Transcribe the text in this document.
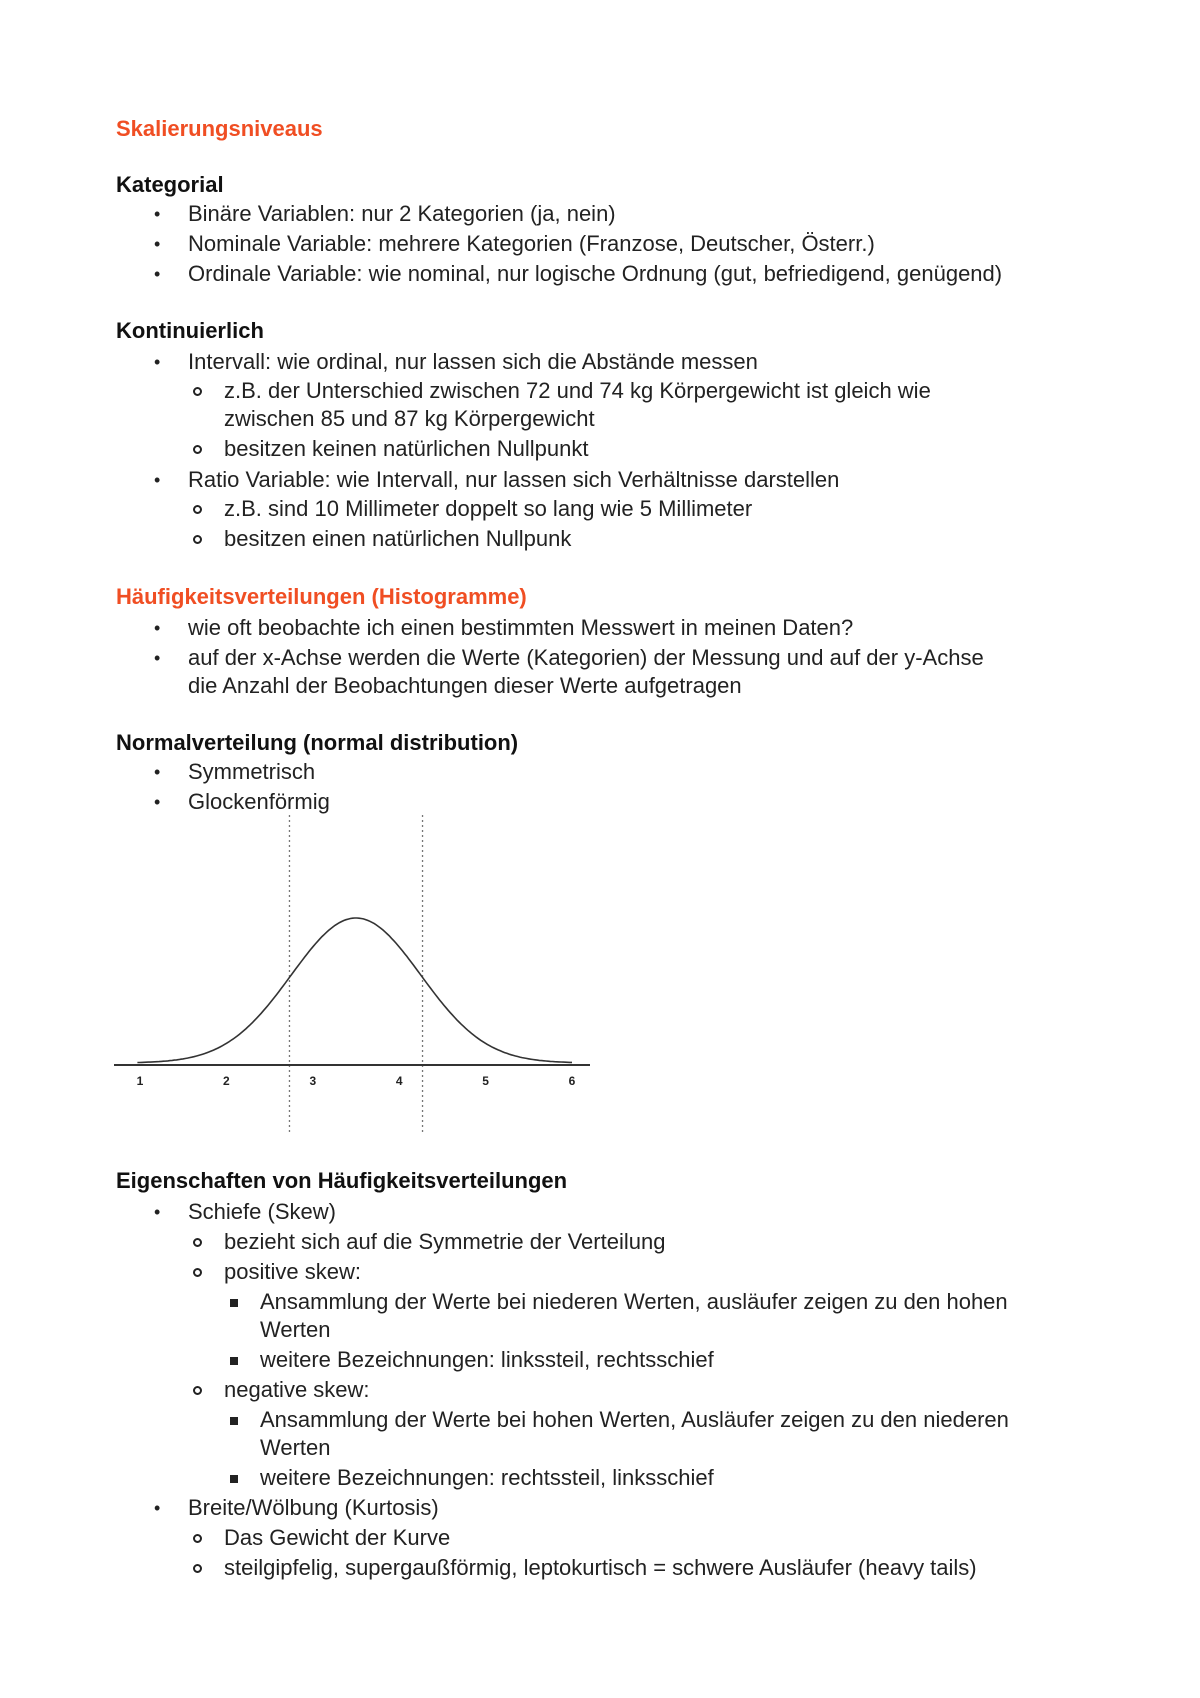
Skalierungsniveaus
Kategorial
• Binäre Variablen: nur 2 Kategorien (ja, nein)
• Nominale Variable: mehrere Kategorien (Franzose, Deutscher, Österr.)
• Ordinale Variable: wie nominal, nur logische Ordnung (gut, befriedigend, genügend)
Kontinuierlich
• Intervall: wie ordinal, nur lassen sich die Abstände messen
z.B. der Unterschied zwischen 72 und 74 kg Körpergewicht ist gleich wie
zwischen 85 und 87 kg Körpergewicht
besitzen keinen natürlichen Nullpunkt
• Ratio Variable: wie Intervall, nur lassen sich Verhältnisse darstellen
z.B. sind 10 Millimeter doppelt so lang wie 5 Millimeter
besitzen einen natürlichen Nullpunk
Häufigkeitsverteilungen (Histogramme)
• wie oft beobachte ich einen bestimmten Messwert in meinen Daten?
• auf der x-Achse werden die Werte (Kategorien) der Messung und auf der y-Achse
die Anzahl der Beobachtungen dieser Werte aufgetragen
Normalverteilung (normal distribution)
• Symmetrisch
• Glockenförmig
1	2	3	4	5	6
Eigenschaften von Häufigkeitsverteilungen
• Schiefe (Skew)
bezieht sich auf die Symmetrie der Verteilung
positive skew:
Ansammlung der Werte bei niederen Werten, ausläufer zeigen zu den hohen
Werten
weitere Bezeichnungen: linkssteil, rechtsschief
negative skew:
Ansammlung der Werte bei hohen Werten, Ausläufer zeigen zu den niederen
Werten
weitere Bezeichnungen: rechtssteil, linksschief
• Breite/Wölbung (Kurtosis)
Das Gewicht der Kurve
steilgipfelig, supergaußförmig, leptokurtisch = schwere Ausläufer (heavy tails)
